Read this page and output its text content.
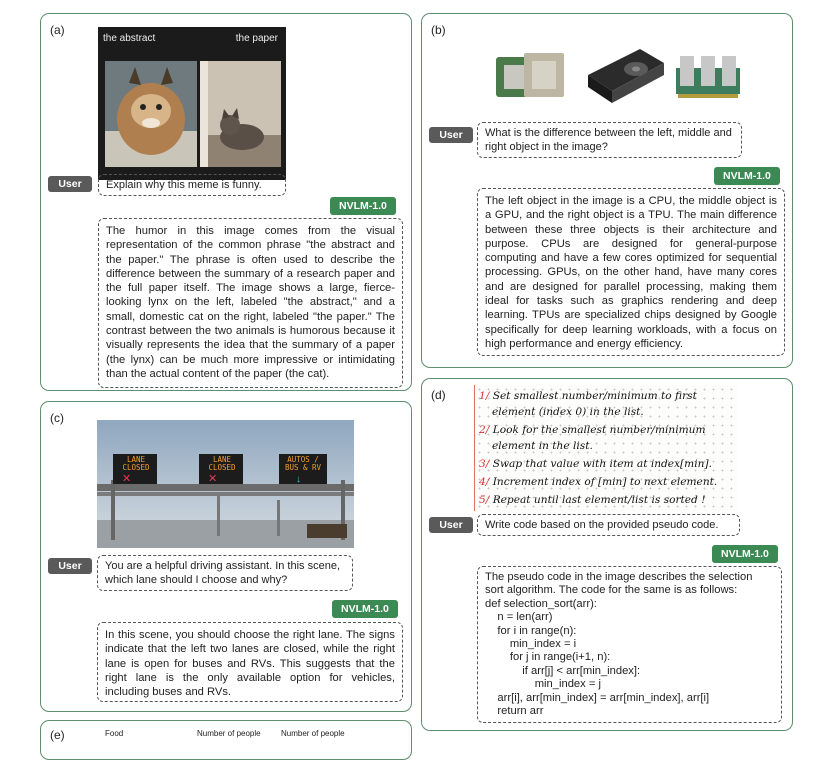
(a)
the abstract	the paper
User	Explain why this meme is funny.
NVLM-1.0
The humor in this image comes from the visual representation of the common phrase "the abstract and the paper." The phrase is often used to describe the difference between the summary of a research paper and the full paper itself. The image shows a large, fierce-looking lynx on the left, labeled "the abstract," and a small, domestic cat on the right, labeled "the paper." The contrast between the two animals is humorous because it visually represents the idea that the summary of a paper (the lynx) can be much more impressive or intimidating than the actual content of the paper (the cat).
(b)
User	What is the difference between the left, middle and right object in the image?
NVLM-1.0
The left object in the image is a CPU, the middle object is a GPU, and the right object is a TPU. The main difference between these three objects is their architecture and purpose. CPUs are designed for general-purpose computing and have a few cores optimized for sequential processing. GPUs, on the other hand, have many cores and are designed for parallel processing, making them ideal for tasks such as graphics rendering and deep learning. TPUs are specialized chips designed by Google specifically for deep learning workloads, with a focus on high performance and energy efficiency.
(c)
✕	✕	↓
LANE
CLOSED
LANE
CLOSED
AUTOS /
BUS & RV
User	You are a helpful driving assistant. In this scene, which lane should I choose and why?
NVLM-1.0
In this scene, you should choose the right lane. The signs indicate that the left two lanes are closed, while the right lane is open for buses and RVs. This suggests that the right lane is the only available option for vehicles, including buses and RVs.
(d)	1/ Set smallest number/minimum to first
element (index 0) in the list.
2/ Look for the smallest number/minimum
element in the list.
3/ Swap that value with item at index[min].
4/ Increment index of [min] to next element.
5/ Repeat until last element/list is sorted !
User	Write code based on the provided pseudo code.
NVLM-1.0
The pseudo code in the image describes the selection sort algorithm. The code for the same is as follows:
def selection_sort(arr):
n = len(arr)
for i in range(n):
min_index = i
for j in range(i+1, n):
if arr[j] < arr[min_index]:
min_index = j
arr[i], arr[min_index] = arr[min_index], arr[i]
return arr
(e)	Food	Number of people	Number of people
